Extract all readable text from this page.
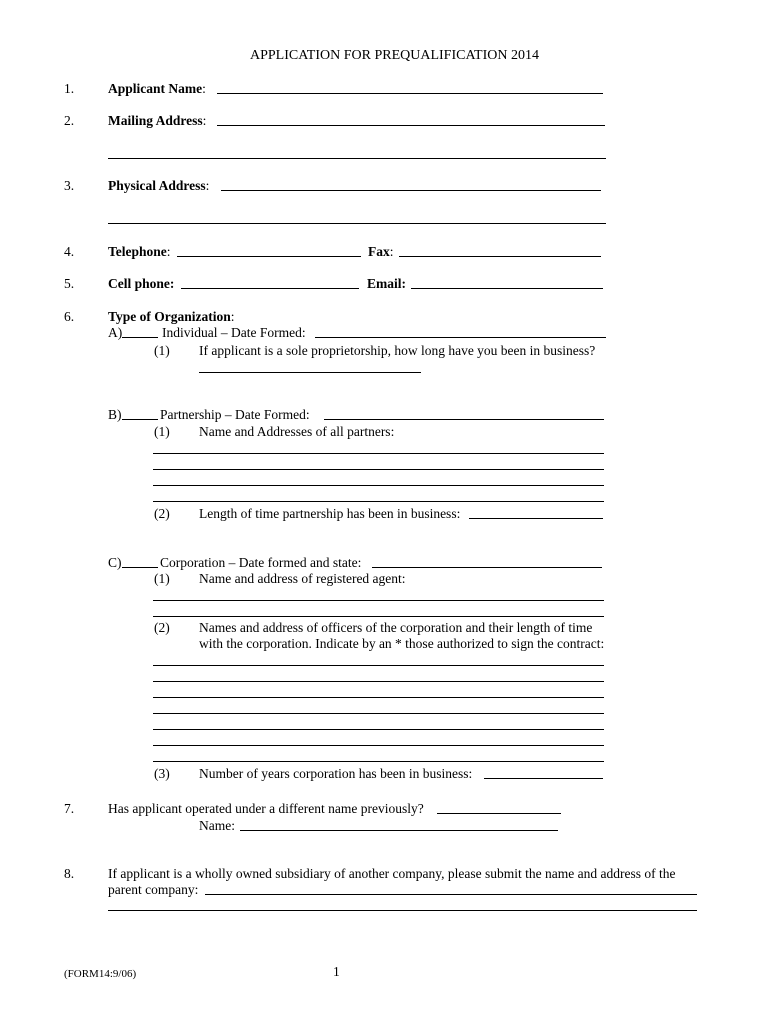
APPLICATION FOR PREQUALIFICATION 2014
1.	Applicant Name:
2.	Mailing Address:
3.	Physical Address:
4.	Telephone:	Fax:
5.	Cell phone:	Email:
6.	Type of Organization:
A)	Individual – Date Formed:
(1) If applicant is a sole proprietorship, how long have you been in business?
B)	Partnership – Date Formed:
(1) Name and Addresses of all partners:
(2) Length of time partnership has been in business:
C)	Corporation – Date formed and state:
(1) Name and address of registered agent:
(2) Names and address of officers of the corporation and their length of time
with the corporation. Indicate by an * those authorized to sign the contract:
(3) Number of years corporation has been in business:
7.	Has applicant operated under a different name previously?
Name:
8.	If applicant is a wholly owned subsidiary of another company, please submit the name and address of the
parent company:
(FORM14:9/06)	1
